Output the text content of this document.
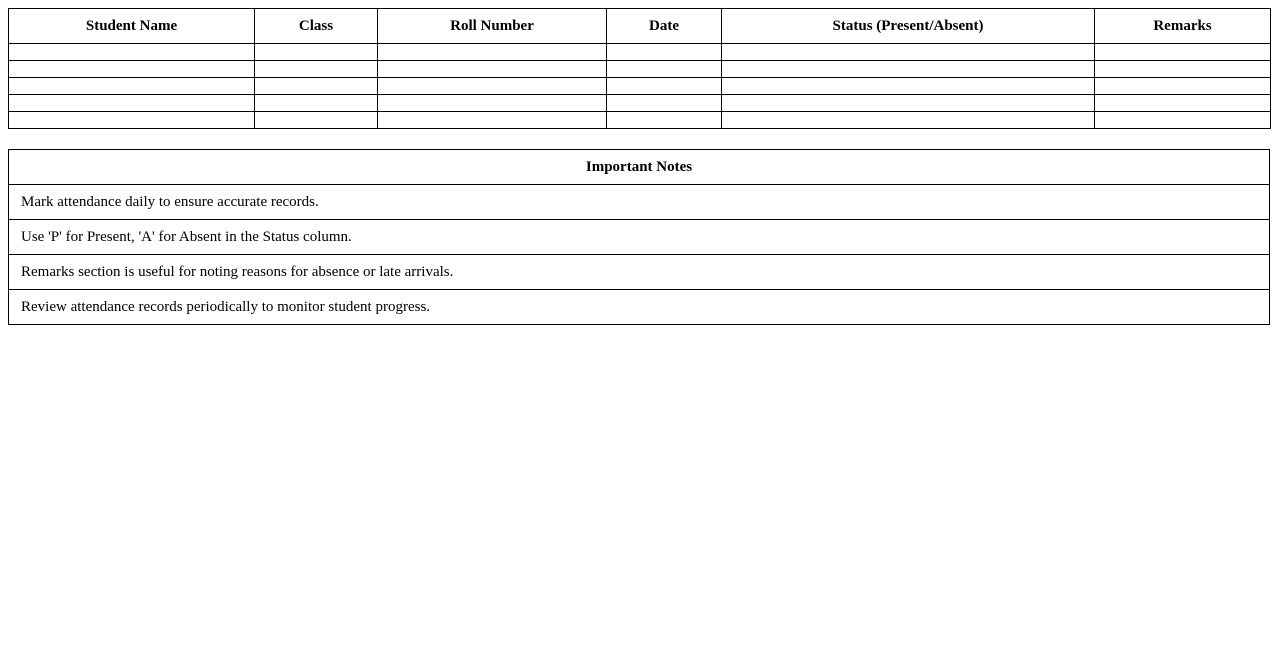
Student Name	Class	Roll Number	Date	Status (Present/Absent)	Remarks

Important Notes
Mark attendance daily to ensure accurate records.
Use 'P' for Present, 'A' for Absent in the Status column.
Remarks section is useful for noting reasons for absence or late arrivals.
Review attendance records periodically to monitor student progress.
